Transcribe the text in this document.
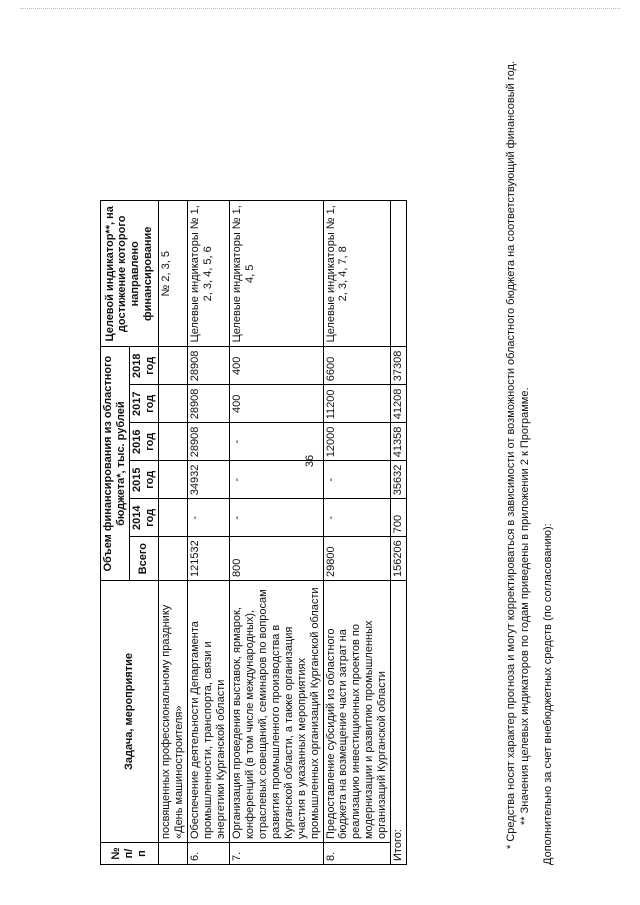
36
№ п/п	Задача, мероприятие	Объем финансирования из областного бюджета*, тыс. рублей						Целевой индикатор**, на достижение которого направлено финансирование
		Всего	2014 год	2015 год	2016 год	2017 год	2018 год	
	посвященных профессиональному празднику «День машиностроителя»							№ 2, 3, 5
6.	Обеспечение деятельности Департамента промышленности, транспорта, связи и энергетики Курганской области	121532	-	34932	28908	28908	28908	Целевые индикаторы № 1, 2, 3, 4, 5, 6
7.	Организация проведения выставок, ярмарок, конференций (в том числе международных), отраслевых совещаний, семинаров по вопросам развития промышленного производства в Курганской области, а также организация участия в указанных мероприятиях промышленных организаций Курганской области	800	-	-	-	400	400	Целевые индикаторы № 1, 4, 5
8.	Предоставление субсидий из областного бюджета на возмещение части затрат на реализацию инвестиционных проектов по модернизации и развитию промышленных организаций Курганской области	29800	-	-	12000	11200	6600	Целевые индикаторы № 1, 2, 3, 4, 7, 8
Итого:		156206	700	35632	41358	41208	37308		* Средства носят характер прогноза и могут корректироваться в зависимости от возможности областного бюджета на соответствующий финансовый год. ** Значения целевых индикаторов по годам приведены в приложении 2 к Программе. Дополнительно за счет внебюджетных средств (по согласованию):
